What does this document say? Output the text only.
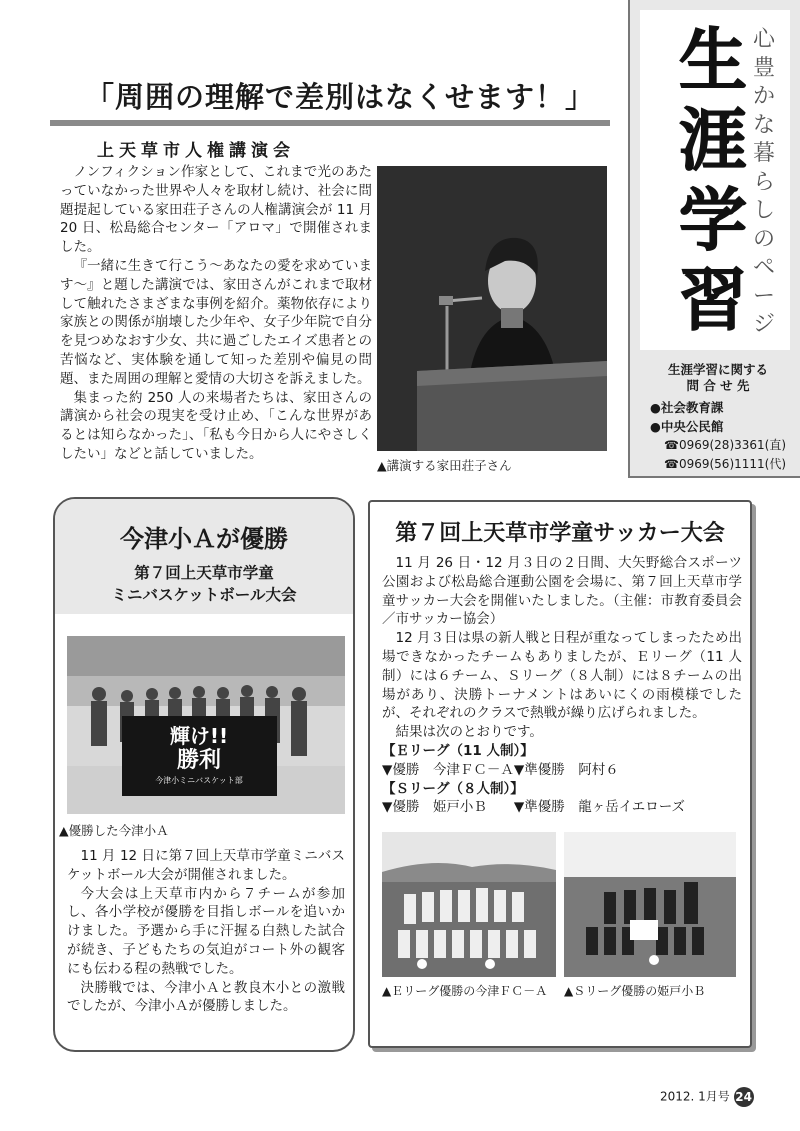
生
涯
学
習
心
豊
か
な
暮
ら
し
の
ペ
ー
ジ
生涯学習に関する
問 合 せ 先
●社会教育課
●中央公民館
☎0969(28)3361(直)
☎0969(56)1111(代)
「周囲の理解で差別はなくせます！」
上天草市人権講演会

ノンフィクション作家として、これまで光のあたっていなかった世界や人々を取材し続け、社会に問題提起している家田荘子さんの人権講演会が 11 月 20 日、松島総合センター「アロマ」で開催されました。

『一緒に生きて行こう～あなたの愛を求めています～』と題した講演では、家田さんがこれまで取材して触れたさまざまな事例を紹介。薬物依存により家族との関係が崩壊した少年や、女子少年院で自分を見つめなおす少女、共に過ごしたエイズ患者との苦悩など、実体験を通して知った差別や偏見の問題、また周囲の理解と愛情の大切さを訴えました。

集まった約 250 人の来場者たちは、家田さんの講演から社会の現実を受け止め、「こんな世界があるとは知らなかった」、「私も今日から人にやさしくしたい」などと話していました。

▲講演する家田荘子さん
今津小Ａが優勝
第７回上天草市学童
ミニバスケットボール大会
輝け!!
勝利
今津小ミニバスケット部
▲優勝した今津小Ａ

11 月 12 日に第７回上天草市学童ミニバスケットボール大会が開催されました。

今大会は上天草市内から７チームが参加し、各小学校が優勝を目指しボールを追いかけました。予選から手に汗握る白熱した試合が続き、子どもたちの気迫がコート外の観客にも伝わる程の熱戦でした。

決勝戦では、今津小Ａと教良木小との激戦でしたが、今津小Ａが優勝しました。

第７回上天草市学童サッカー大会

11 月 26 日・12 月３日の２日間、大矢野総合スポーツ公園および松島総合運動公園を会場に、第７回上天草市学童サッカー大会を開催いたしました。（主催：市教育委員会／市サッカー協会）

12 月３日は県の新人戦と日程が重なってしまったため出場できなかったチームもありましたが、Ｅリーグ（11 人制）には６チーム、Ｓリーグ（８人制）には８チームの出場があり、決勝トーナメントはあいにくの雨模様でしたが、それぞれのクラスで熱戦が繰り広げられました。

結果は次のとおりです。

【Ｅリーグ（11 人制）】

▼優勝　今津ＦＣ－Ａ▼準優勝　阿村６

【Ｓリーグ（８人制）】

▼優勝　姫戸小Ｂ　　▼準優勝　龍ヶ岳イエローズ

▲Ｅリーグ優勝の今津ＦＣ－Ａ ▲Ｓリーグ優勝の姫戸小Ｂ
2012. 1月号 24
